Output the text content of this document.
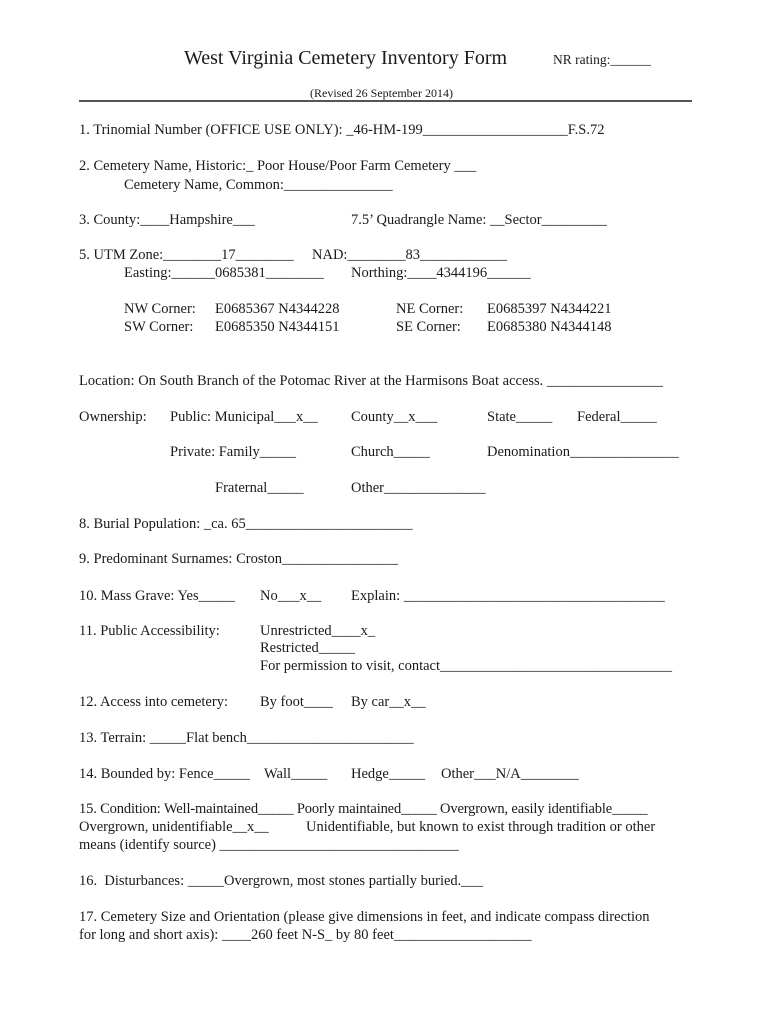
West Virginia Cemetery Inventory Form	NR rating:______
(Revised 26 September 2014)
1. Trinomial Number (OFFICE USE ONLY): _46-HM-199____________________F.S.72
2. Cemetery Name, Historic:_ Poor House/Poor Farm Cemetery ___
Cemetery Name, Common:_______________
3. County:____Hampshire___	7.5’ Quadrangle Name: __Sector_________
5. UTM Zone:________17________ NAD:________83____________
Easting:______0685381________ Northing:____4344196______
NW Corner: E0685367 N4344228	NE Corner: E0685397 N4344221
SW Corner: E0685350 N4344151	SE Corner: E0685380 N4344148
Location: On South Branch of the Potomac River at the Harmisons Boat access. ________________
Ownership: Public: Municipal___x__ County__x___	State_____ Federal_____
Private: Family_____	Church_____	Denomination_______________
Fraternal_____	Other______________
8. Burial Population: _ca. 65_______________________
9. Predominant Surnames: Croston________________
10. Mass Grave: Yes_____ No___x__ Explain: ____________________________________
11. Public Accessibility:	Unrestricted____x_
Restricted_____
For permission to visit, contact________________________________
12. Access into cemetery: By foot____ By car__x__
13. Terrain: _____Flat bench_______________________
14. Bounded by: Fence_____ Wall_____ Hedge_____ Other___N/A________
15. Condition: Well-maintained_____ Poorly maintained_____ Overgrown, easily identifiable_____
Overgrown, unidentifiable__x__	Unidentifiable, but known to exist through tradition or other
means (identify source) _________________________________
16.  Disturbances: _____Overgrown, most stones partially buried.___
17. Cemetery Size and Orientation (please give dimensions in feet, and indicate compass direction
for long and short axis): ____260 feet N-S_ by 80 feet___________________
